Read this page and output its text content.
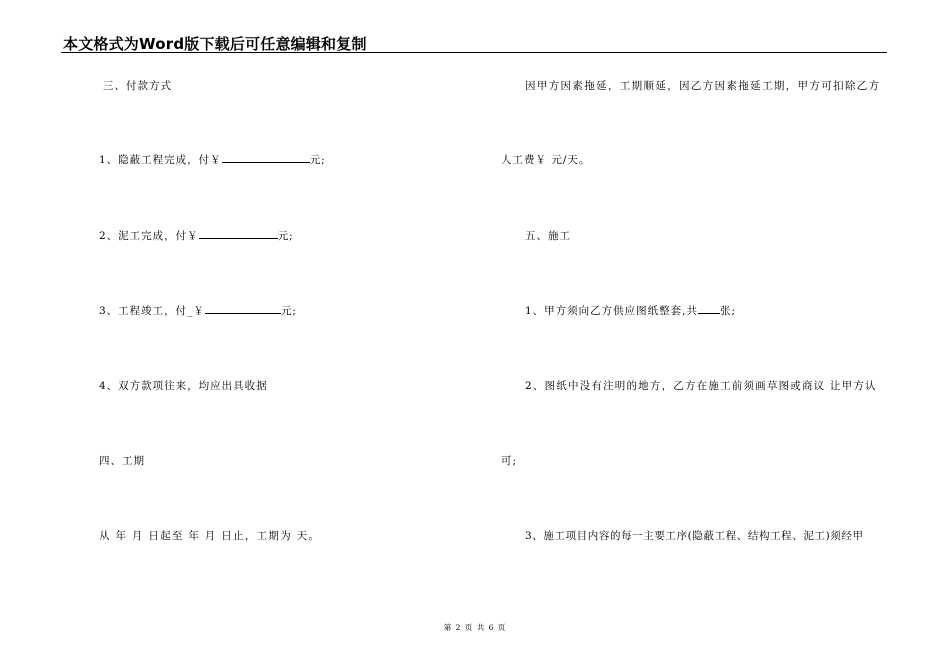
本文格式为Word版下载后可任意编辑和复制
三、付款方式
1、隐蔽工程完成，付￥	元;
2、泥工完成，付￥	元;
3、工程竣工，付_￥	元;
4、双方款项往来，均应出具收据
四、工期
从 年 月 日起至 年 月 日止，工期为 天。
因甲方因素拖延，工期顺延，因乙方因素拖延工期，甲方可扣除乙方
人工费￥ 元/天。
五、施工
1、甲方须向乙方供应图纸整套,共 张;
2、图纸中没有注明的地方，乙方在施工前须画草图或商议 让甲方认
可;
3、施工项目内容的每一主要工序(隐蔽工程、结构工程、泥工)须经甲
第 2 页 共 6 页
